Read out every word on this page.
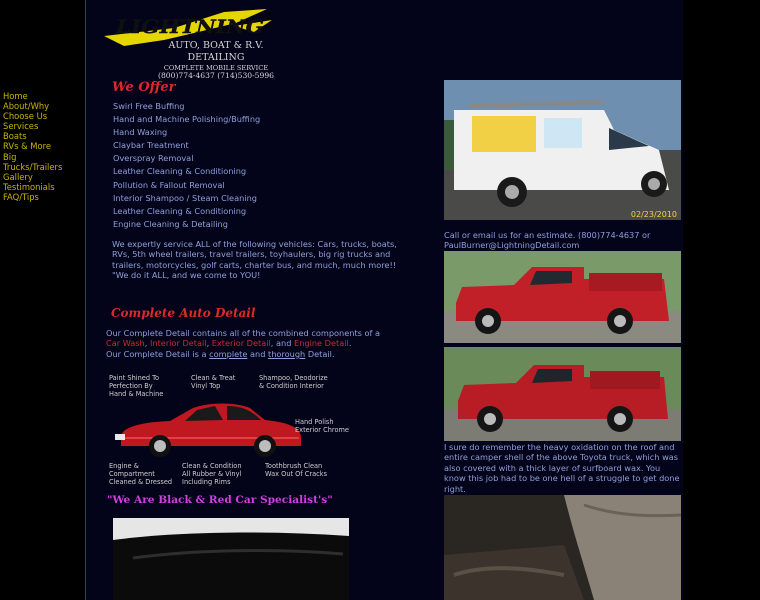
Home
About/Why
Choose Us
Services
Boats
RVs & More
Big
Trucks/Trailers
Gallery
Testimonials
FAQ/Tips
LIGHTNING
AUTO, BOAT & R.V.
DETAILING
COMPLETE MOBILE SERVICE
(800)774-4637 (714)530-5996
We Offer
Swirl Free Buffing
Hand and Machine Polishing/Buffing
Hand Waxing
Claybar Treatment
Overspray Removal
Leather Cleaning & Conditioning
Pollution & Fallout Removal
Interior Shampoo / Steam Cleaning
Leather Cleaning & Conditioning
Engine Cleaning & Detailing
We expertly service ALL of the following vehicles: Cars, trucks, boats, RVs, 5th wheel trailers, travel trailers, toyhaulers, big rig trucks and trailers, motorcycles, golf carts, charter bus, and much, much more!! "We do it ALL, and we come to YOU!
Complete Auto Detail
Our Complete Detail contains all of the combined components of a
Car Wash, Interior Detail, Exterior Detail, and Engine Detail.
Our Complete Detail is a complete and thorough Detail.
Paint Shined To
Perfection By
Hand & Machine
Clean & Treat
Vinyl Top
Shampoo, Deodorize
& Condition Interior
Hand Polish
Exterior Chrome
Engine &
Compartment
Cleaned & Dressed
Clean & Condition
All Rubber & Vinyl
Including Rims
Toothbrush Clean
Wax Out Of Cracks
"We Are Black & Red Car Specialist's"
02/23/2010
Call or email us for an estimate. (800)774-4637 or PaulBurner@LightningDetail.com
I sure do remember the heavy oxidation on the roof and entire camper shell of the above Toyota truck, which was also covered with a thick layer of surfboard wax. You know this job had to be one hell of a struggle to get done right.
